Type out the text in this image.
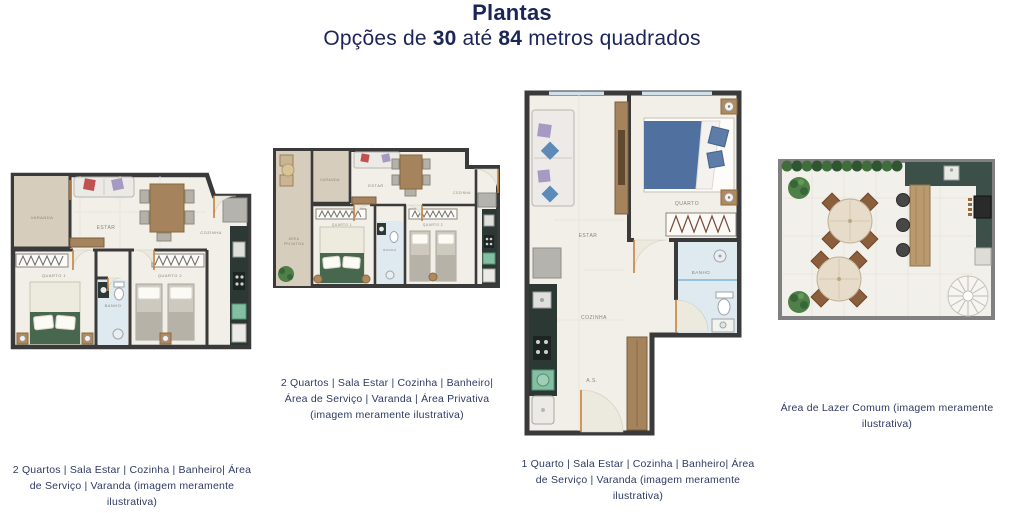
Plantas
Opções de 30 até 84 metros quadrados
VARANDA
ESTAR
COZINHA
QUARTO 1
BANHO
QUARTO 2
2 Quartos | Sala Estar | Cozinha | Banheiro| Área de Serviço | Varanda (imagem meramente ilustrativa)
ÁREA
PRIVATIVA
VARANDA
ESTAR
COZINHA
QUARTO 1
BANHO
QUARTO 2
2 Quartos | Sala Estar | Cozinha | Banheiro| Área de Serviço | Varanda | Área Privativa (imagem meramente ilustrativa)
ESTAR
QUARTO
BANHO
COZINHA
A.S.
1 Quarto | Sala Estar | Cozinha | Banheiro| Área de Serviço | Varanda (imagem meramente ilustrativa)
Área de Lazer Comum (imagem meramente ilustrativa)
